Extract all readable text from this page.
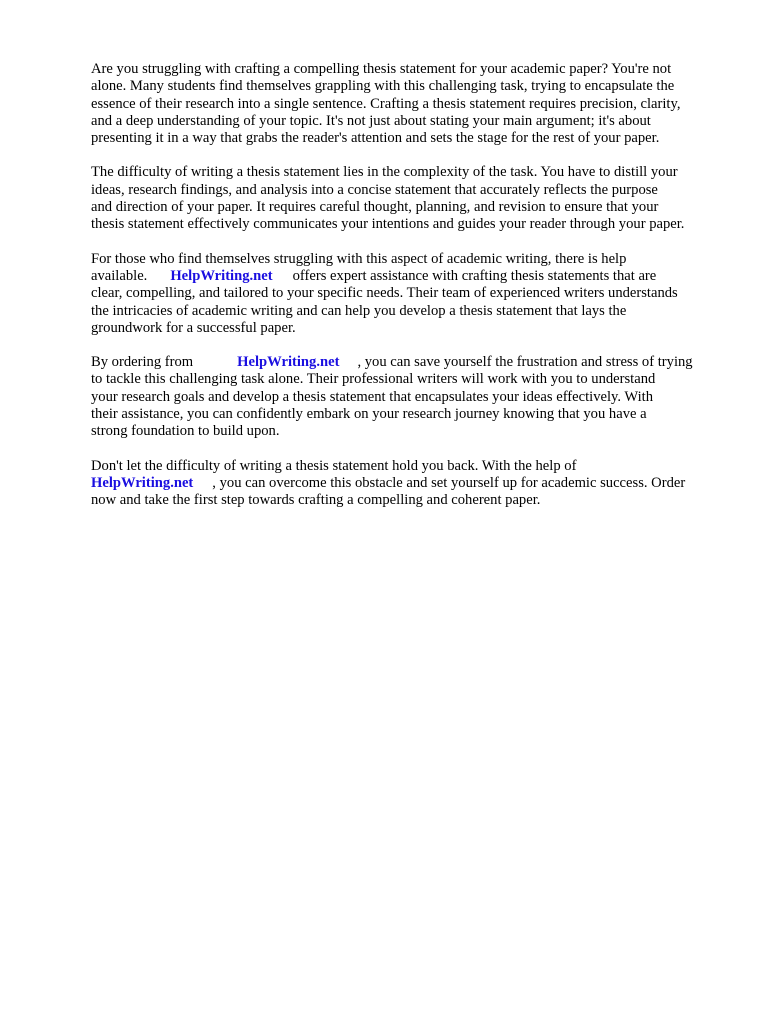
Are you struggling with crafting a compelling thesis statement for your academic paper? You're not
alone. Many students find themselves grappling with this challenging task, trying to encapsulate the
essence of their research into a single sentence. Crafting a thesis statement requires precision, clarity,
and a deep understanding of your topic. It's not just about stating your main argument; it's about
presenting it in a way that grabs the reader's attention and sets the stage for the rest of your paper.

The difficulty of writing a thesis statement lies in the complexity of the task. You have to distill your
ideas, research findings, and analysis into a concise statement that accurately reflects the purpose
and direction of your paper. It requires careful thought, planning, and revision to ensure that your
thesis statement effectively communicates your intentions and guides your reader through your paper.

For those who find themselves struggling with this aspect of academic writing, there is help
available. HelpWriting.net offers expert assistance with crafting thesis statements that are
clear, compelling, and tailored to your specific needs. Their team of experienced writers understands
the intricacies of academic writing and can help you develop a thesis statement that lays the
groundwork for a successful paper.

By ordering from	HelpWriting.net , you can save yourself the frustration and stress of trying
to tackle this challenging task alone. Their professional writers will work with you to understand
your research goals and develop a thesis statement that encapsulates your ideas effectively. With
their assistance, you can confidently embark on your research journey knowing that you have a
strong foundation to build upon.

Don't let the difficulty of writing a thesis statement hold you back. With the help of
HelpWriting.net , you can overcome this obstacle and set yourself up for academic success. Order
now and take the first step towards crafting a compelling and coherent paper.
